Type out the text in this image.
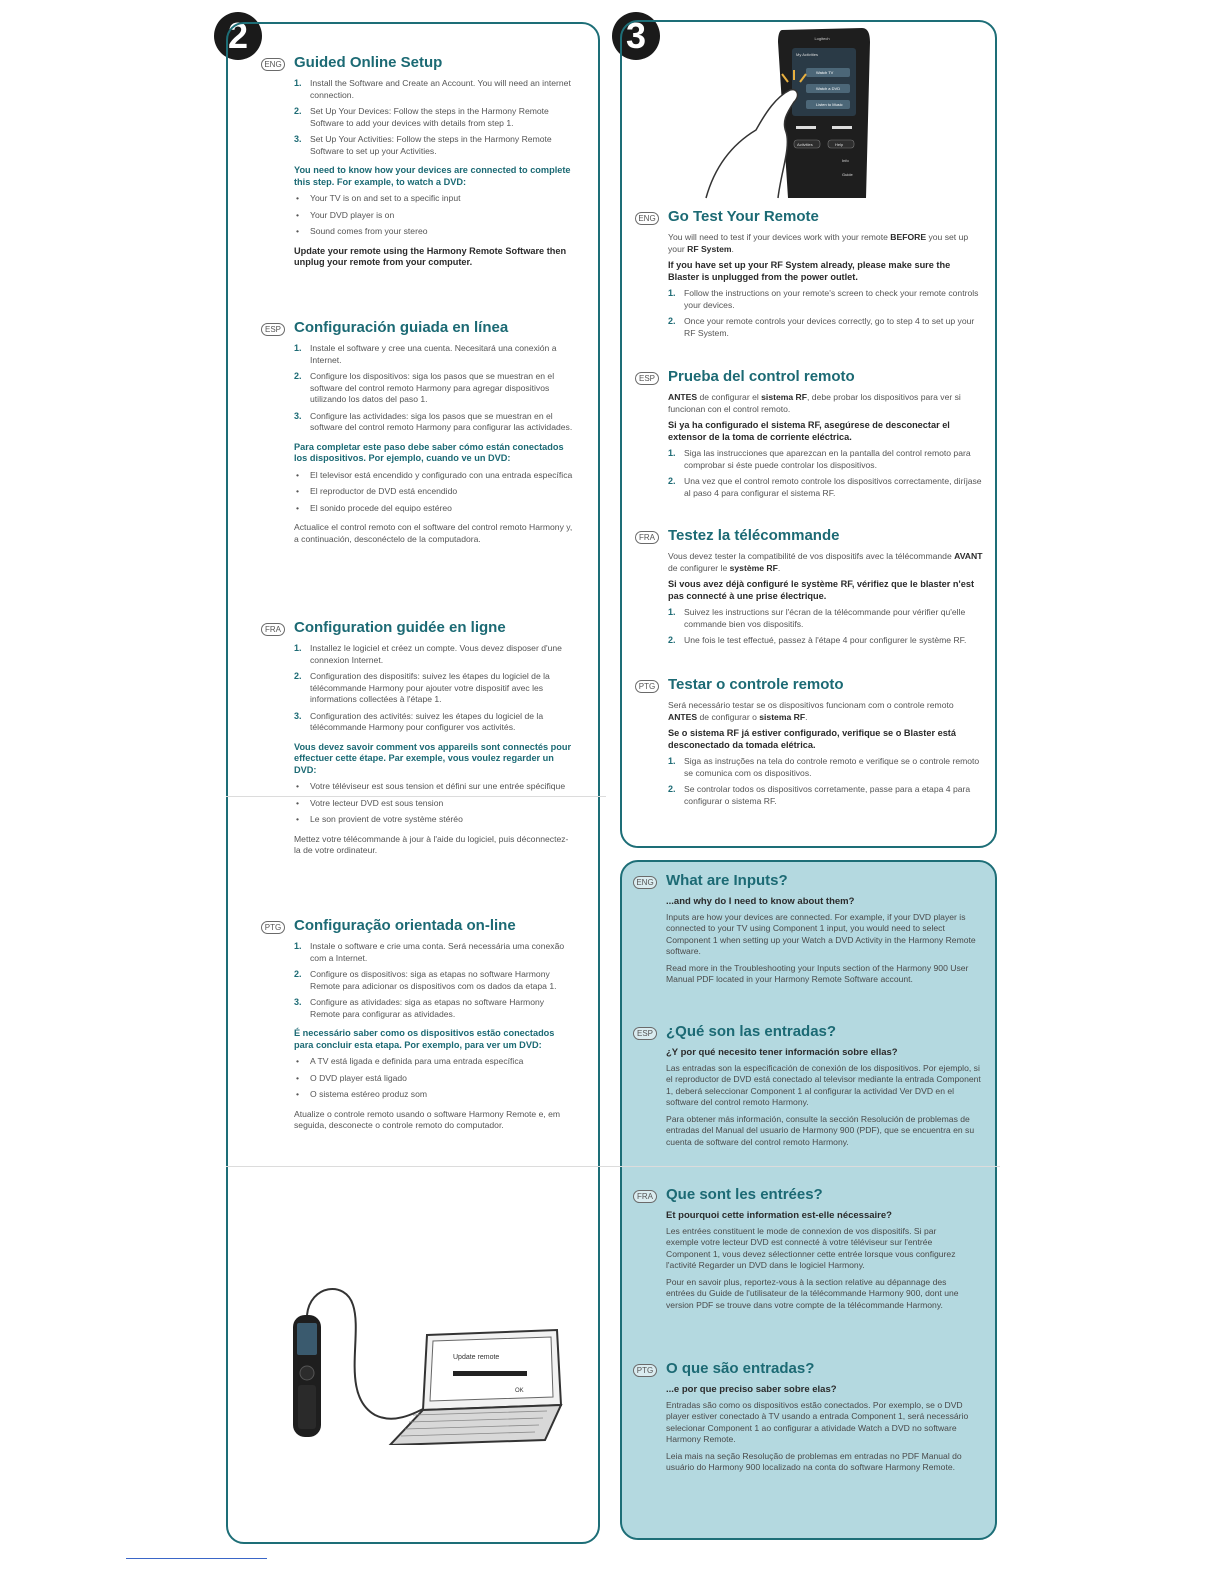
2	3
ENG Guided Online Setup
Install the Software and Create an Account. You will need an internet connection.
Set Up Your Devices: Follow the steps in the Harmony Remote Software to add your devices with details from step 1.
Set Up Your Activities: Follow the steps in the Harmony Remote Software to set up your Activities.
You need to know how your devices are connected to complete this step. For example, to watch a DVD:
• Your TV is on and set to a specific input
• Your DVD player is on
• Sound comes from your stereo
Update your remote using the Harmony Remote Software then unplug your remote from your computer.
ESP Configuración guiada en línea
Instale el software y cree una cuenta. Necesitará una conexión a Internet.
Configure los dispositivos: siga los pasos que se muestran en el software del control remoto Harmony para agregar dispositivos utilizando los datos del paso 1.
Configure las actividades: siga los pasos que se muestran en el software del control remoto Harmony para configurar las actividades.
Para completar este paso debe saber cómo están conectados los dispositivos. Por ejemplo, cuando ve un DVD:
• El televisor está encendido y configurado con una entrada específica
• El reproductor de DVD está encendido
• El sonido procede del equipo estéreo

Actualice el control remoto con el software del control remoto Harmony y, a continuación, desconéctelo de la computadora.

FRA Configuration guidée en ligne
Installez le logiciel et créez un compte. Vous devez disposer d'une connexion Internet.
Configuration des dispositifs: suivez les étapes du logiciel de la télécommande Harmony pour ajouter votre dispositif avec les informations collectées à l'étape 1.
Configuration des activités: suivez les étapes du logiciel de la télécommande Harmony pour configurer vos activités.
Vous devez savoir comment vos appareils sont connectés pour effectuer cette étape. Par exemple, vous voulez regarder un DVD:
• Votre téléviseur est sous tension et défini sur une entrée spécifique
• Votre lecteur DVD est sous tension
• Le son provient de votre système stéréo

Mettez votre télécommande à jour à l'aide du logiciel, puis déconnectez-la de votre ordinateur.

PTG Configuração orientada on-line
Instale o software e crie uma conta. Será necessária uma conexão com a Internet.
Configure os dispositivos: siga as etapas no software Harmony Remote para adicionar os dispositivos com os dados da etapa 1.
Configure as atividades: siga as etapas no software Harmony Remote para configurar as atividades.
É necessário saber como os dispositivos estão conectados para concluir esta etapa. Por exemplo, para ver um DVD:
• A TV está ligada e definida para uma entrada específica
• O DVD player está ligado
• O sistema estéreo produz som

Atualize o controle remoto usando o software Harmony Remote e, em seguida, desconecte o controle remoto do computador.

Update remote
OK
Logitech
My Activities
Watch TV
Watch a DVD
Listen to Music
Activities	Help
Info
Guide
ENG Go Test Your Remote

You will need to test if your devices work with your remote BEFORE you set up your RF System.

If you have set up your RF System already, please make sure the Blaster is unplugged from the power outlet.
Follow the instructions on your remote's screen to check your remote controls your devices.
Once your remote controls your devices correctly, go to step 4 to set up your RF System.
ESP Prueba del control remoto

ANTES de configurar el sistema RF, debe probar los dispositivos para ver si funcionan con el control remoto.

Si ya ha configurado el sistema RF, asegúrese de desconectar el extensor de la toma de corriente eléctrica.
Siga las instrucciones que aparezcan en la pantalla del control remoto para comprobar si éste puede controlar los dispositivos.
Una vez que el control remoto controle los dispositivos correctamente, diríjase al paso 4 para configurar el sistema RF.
FRA Testez la télécommande

Vous devez tester la compatibilité de vos dispositifs avec la télécommande AVANT de configurer le système RF.

Si vous avez déjà configuré le système RF, vérifiez que le blaster n'est pas connecté à une prise électrique.
Suivez les instructions sur l'écran de la télécommande pour vérifier qu'elle commande bien vos dispositifs.
Une fois le test effectué, passez à l'étape 4 pour configurer le système RF.
PTG Testar o controle remoto

Será necessário testar se os dispositivos funcionam com o controle remoto ANTES de configurar o sistema RF.

Se o sistema RF já estiver configurado, verifique se o Blaster está desconectado da tomada elétrica.
Siga as instruções na tela do controle remoto e verifique se o controle remoto se comunica com os dispositivos.
Se controlar todos os dispositivos corretamente, passe para a etapa 4 para configurar o sistema RF.
ENG What are Inputs?
...and why do I need to know about them?

Inputs are how your devices are connected. For example, if your DVD player is connected to your TV using Component 1 input, you would need to select Component 1 when setting up your Watch a DVD Activity in the Harmony Remote software.

Read more in the Troubleshooting your Inputs section of the Harmony 900 User Manual PDF located in your Harmony Remote Software account.

ESP ¿Qué son las entradas?
¿Y por qué necesito tener información sobre ellas?

Las entradas son la especificación de conexión de los dispositivos. Por ejemplo, si el reproductor de DVD está conectado al televisor mediante la entrada Component 1, deberá seleccionar Component 1 al configurar la actividad Ver DVD en el software del control remoto Harmony.

Para obtener más información, consulte la sección Resolución de problemas de entradas del Manual del usuario de Harmony 900 (PDF), que se encuentra en su cuenta de software del control remoto Harmony.

FRA Que sont les entrées?
Et pourquoi cette information est-elle nécessaire?

Les entrées constituent le mode de connexion de vos dispositifs. Si par exemple votre lecteur DVD est connecté à votre téléviseur sur l'entrée Component 1, vous devez sélectionner cette entrée lorsque vous configurez l'activité Regarder un DVD dans le logiciel Harmony.

Pour en savoir plus, reportez-vous à la section relative au dépannage des entrées du Guide de l'utilisateur de la télécommande Harmony 900, dont une version PDF se trouve dans votre compte de la télécommande Harmony.

PTG O que são entradas?
...e por que preciso saber sobre elas?

Entradas são como os dispositivos estão conectados. Por exemplo, se o DVD player estiver conectado à TV usando a entrada Component 1, será necessário selecionar Component 1 ao configurar a atividade Watch a DVD no software Harmony Remote.

Leia mais na seção Resolução de problemas em entradas no PDF Manual do usuário do Harmony 900 localizado na conta do software Harmony Remote.
